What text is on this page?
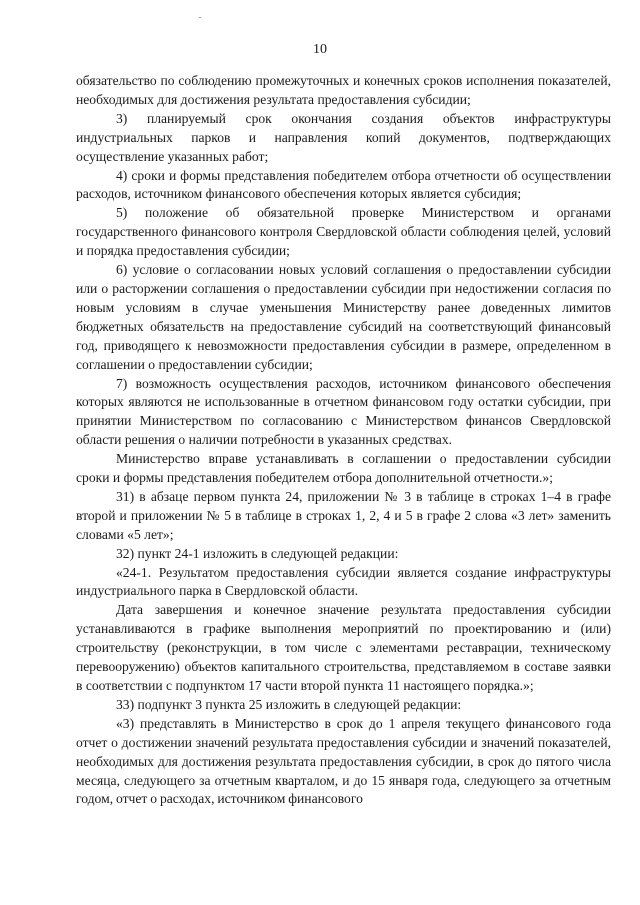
10

обязательство по соблюдению промежуточных и конечных сроков исполнения показателей, необходимых для достижения результата предоставления субсидии;

3) планируемый срок окончания создания объектов инфраструктуры индустриальных парков и направления копий документов, подтверждающих осуществление указанных работ;

4) сроки и формы представления победителем отбора отчетности об осуществлении расходов, источником финансового обеспечения которых является субсидия;

5) положение об обязательной проверке Министерством и органами государственного финансового контроля Свердловской области соблюдения целей, условий и порядка предоставления субсидии;

6) условие о согласовании новых условий соглашения о предоставлении субсидии или о расторжении соглашения о предоставлении субсидии при недостижении согласия по новым условиям в случае уменьшения Министерству ранее доведенных лимитов бюджетных обязательств на предоставление субсидий на соответствующий финансовый год, приводящего к невозможности предоставления субсидии в размере, определенном в соглашении о предоставлении субсидии;

7) возможность осуществления расходов, источником финансового обеспечения которых являются не использованные в отчетном финансовом году остатки субсидии, при принятии Министерством по согласованию с Министерством финансов Свердловской области решения о наличии потребности в указанных средствах.

Министерство вправе устанавливать в соглашении о предоставлении субсидии сроки и формы представления победителем отбора дополнительной отчетности.»;

31) в абзаце первом пункта 24, приложении № 3 в таблице в строках 1–4 в графе второй и приложении № 5 в таблице в строках 1, 2, 4 и 5 в графе 2 слова «3 лет» заменить словами «5 лет»;

32) пункт 24-1 изложить в следующей редакции:

«24-1. Результатом предоставления субсидии является создание инфраструктуры индустриального парка в Свердловской области.

Дата завершения и конечное значение результата предоставления субсидии устанавливаются в графике выполнения мероприятий по проектированию и (или) строительству (реконструкции, в том числе с элементами реставрации, техническому перевооружению) объектов капитального строительства, представляемом в составе заявки в соответствии с подпунктом 17 части второй пункта 11 настоящего порядка.»;

33) подпункт 3 пункта 25 изложить в следующей редакции:

«3) представлять в Министерство в срок до 1 апреля текущего финансового года отчет о достижении значений результата предоставления субсидии и значений показателей, необходимых для достижения результата предоставления субсидии, в срок до пятого числа месяца, следующего за отчетным кварталом, и до 15 января года, следующего за отчетным годом, отчет о расходах, источником финансового
